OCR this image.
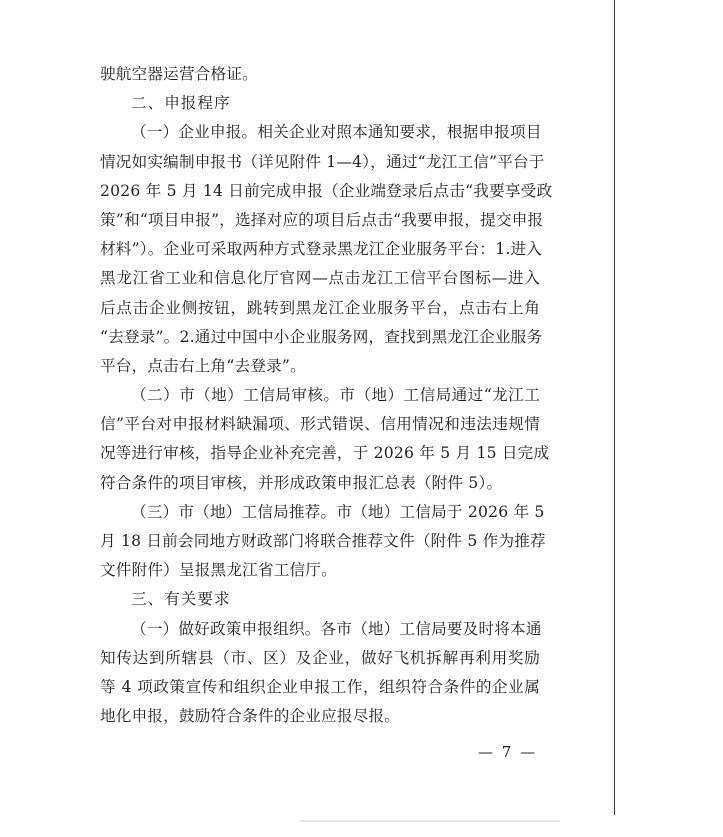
驶航空器运营合格证。
二、申报程序
（一）企业申报。相关企业对照本通知要求，根据申报项目
情况如实编制申报书（详见附件 1—4），通过“龙江工信”平台于
2026 年 5 月 14 日前完成申报（企业端登录后点击“我要享受政
策”和“项目申报”，选择对应的项目后点击“我要申报，提交申报
材料”）。企业可采取两种方式登录黑龙江企业服务平台：1.进入
黑龙江省工业和信息化厅官网—点击龙江工信平台图标—进入
后点击企业侧按钮，跳转到黑龙江企业服务平台，点击右上角
“去登录”。2.通过中国中小企业服务网，查找到黑龙江企业服务
平台，点击右上角“去登录”。
（二）市（地）工信局审核。市（地）工信局通过“龙江工
信”平台对申报材料缺漏项、形式错误、信用情况和违法违规情
况等进行审核，指导企业补充完善，于 2026 年 5 月 15 日完成
符合条件的项目审核，并形成政策申报汇总表（附件 5）。
（三）市（地）工信局推荐。市（地）工信局于 2026 年 5
月 18 日前会同地方财政部门将联合推荐文件（附件 5 作为推荐
文件附件）呈报黑龙江省工信厅。
三、有关要求
（一）做好政策申报组织。各市（地）工信局要及时将本通
知传达到所辖县（市、区）及企业，做好飞机拆解再利用奖励
等 4 项政策宣传和组织企业申报工作，组织符合条件的企业属
地化申报，鼓励符合条件的企业应报尽报。
— 7 —
